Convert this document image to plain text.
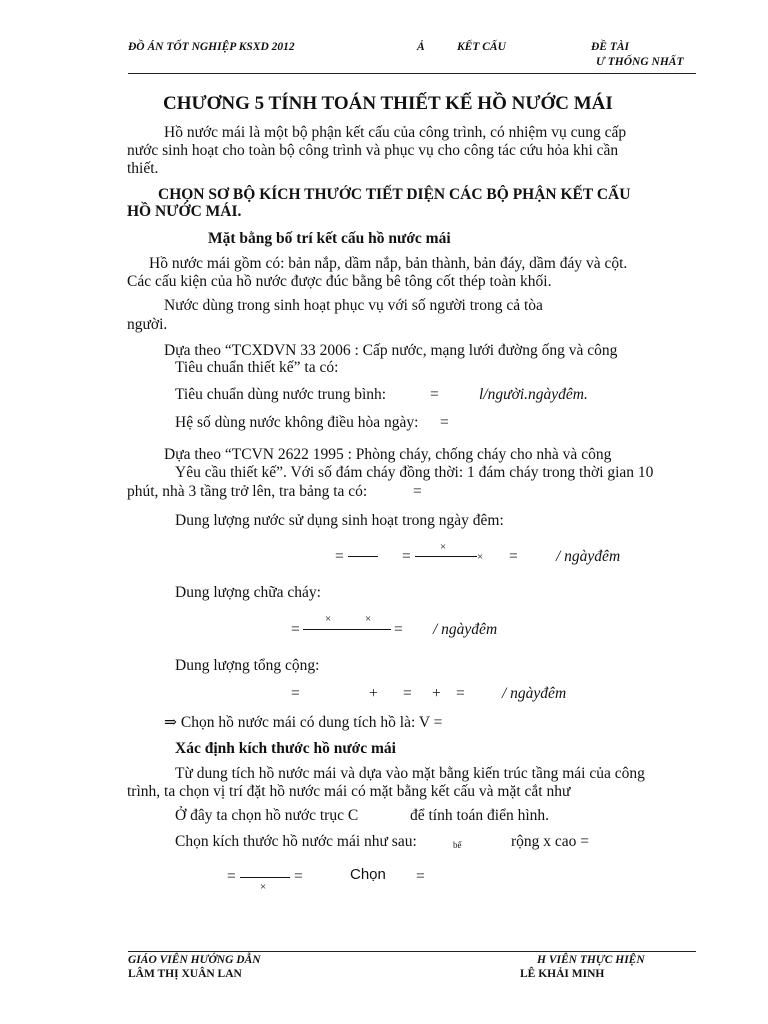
ĐỒ ÁN TỐT NGHIỆP KSXD 2012	Ả	KẾT CẤU	ĐỀ TÀI
Ư THỐNG NHẤT
CHƯƠNG 5 TÍNH TOÁN THIẾT KẾ HỒ NƯỚC MÁI
Hồ nước mái là một bộ phận kết cấu của công trình, có nhiệm vụ cung cấp
nước sinh hoạt cho toàn bộ công trình và phục vụ cho công tác cứu hỏa khi cần
thiết.
CHỌN SƠ BỘ KÍCH THƯỚC TIẾT DIỆN CÁC BỘ PHẬN KẾT CẤU
HỒ NƯỚC MÁI.
Mặt bằng bố trí kết cấu hồ nước mái
Hồ nước mái gồm có: bản nắp, dầm nắp, bản thành, bản đáy, dầm đáy và cột.
Các cấu kiện của hồ nước được đúc bằng bê tông cốt thép toàn khối.
Nước dùng trong sinh hoạt phục vụ với số người trong cả tòa
người.
Dựa theo “TCXDVN 33 2006 : Cấp nước, mạng lưới đường ống và công
Tiêu chuẩn thiết kế” ta có:
Tiêu chuẩn dùng nước trung bình:	=	l/người.ngàyđêm.
Hệ số dùng nước không điều hòa ngày: =
Dựa theo “TCVN 2622 1995 : Phòng cháy, chống cháy cho nhà và công
Yêu cầu thiết kế”. Với số đám cháy đồng thời: 1 đám cháy trong thời gian 10
phút, nhà 3 tầng trở lên, tra bảng ta có:	=
Dung lượng nước sử dụng sinh hoạt trong ngày đêm:
=	=
×
× = / ngàyđêm
Dung lượng chữa cháy:
=
×	×
= / ngàyđêm
Dung lượng tổng cộng:
=	+ = + = / ngàyđêm
⇒ Chọn hồ nước mái có dung tích hồ là: V =
Xác định kích thước hồ nước mái
Từ dung tích hồ nước mái và dựa vào mặt bằng kiến trúc tầng mái của công
trình, ta chọn vị trí đặt hồ nước mái có mặt bằng kết cấu và mặt cắt như
Ở đây ta chọn hồ nước trục C	để tính toán điển hình.
Chọn kích thước hồ nước mái như sau:	bể	rộng x cao =
=
×
=	Chọn =
GIÁO VIÊN HƯỚNG DẪN
LÂM THỊ XUÂN LAN
H VIÊN THỰC HIỆN
LÊ KHẢI MINH
